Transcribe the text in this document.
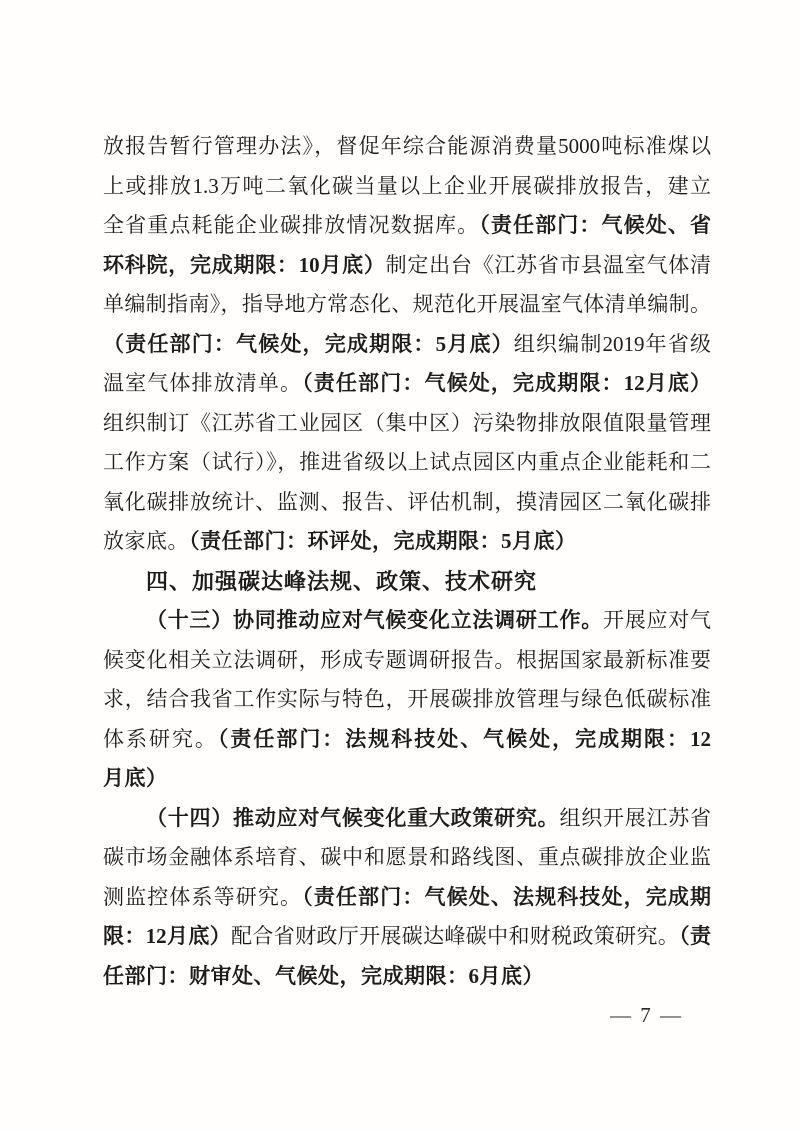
放报告暂行管理办法》，督促年综合能源消费量5000吨标准煤以
上或排放1.3万吨二氧化碳当量以上企业开展碳排放报告，建立
全省重点耗能企业碳排放情况数据库。（责任部门：气候处、省
环科院，完成期限：10月底）制定出台《江苏省市县温室气体清
单编制指南》，指导地方常态化、规范化开展温室气体清单编制。
（责任部门：气候处，完成期限：5月底）组织编制2019年省级
温室气体排放清单。（责任部门：气候处，完成期限：12月底）
组织制订《江苏省工业园区（集中区）污染物排放限值限量管理
工作方案（试行）》，推进省级以上试点园区内重点企业能耗和二
氧化碳排放统计、监测、报告、评估机制，摸清园区二氧化碳排
放家底。（责任部门：环评处，完成期限：5月底）
四、加强碳达峰法规、政策、技术研究
（十三）协同推动应对气候变化立法调研工作。开展应对气
候变化相关立法调研，形成专题调研报告。根据国家最新标准要
求，结合我省工作实际与特色，开展碳排放管理与绿色低碳标准
体系研究。（责任部门：法规科技处、气候处，完成期限：12
月底）
（十四）推动应对气候变化重大政策研究。组织开展江苏省
碳市场金融体系培育、碳中和愿景和路线图、重点碳排放企业监
测监控体系等研究。（责任部门：气候处、法规科技处，完成期
限：12月底）配合省财政厅开展碳达峰碳中和财税政策研究。（责
任部门：财审处、气候处，完成期限：6月底）
— 7 —
